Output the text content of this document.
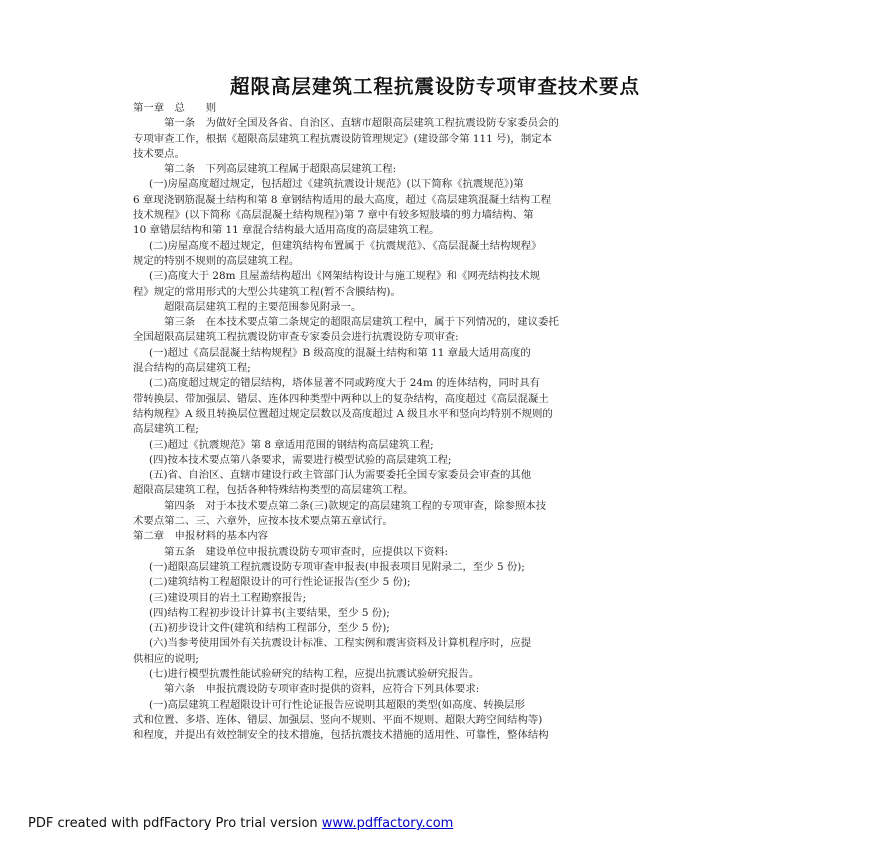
超限高层建筑工程抗震设防专项审查技术要点
第一章　总　　则
第一条　为做好全国及各省、自治区、直辖市超限高层建筑工程抗震设防专家委员会的
专项审查工作，根据《超限高层建筑工程抗震设防管理规定》(建设部令第 111 号)，制定本
技术要点。
第二条　下列高层建筑工程属于超限高层建筑工程:
(一)房屋高度超过规定，包括超过《建筑抗震设计规范》(以下简称《抗震规范》)第
6 章现浇钢筋混凝土结构和第 8 章钢结构适用的最大高度，超过《高层建筑混凝土结构工程
技术规程》(以下简称《高层混凝土结构规程》)第 7 章中有较多短肢墙的剪力墙结构、第
10 章错层结构和第 11 章混合结构最大适用高度的高层建筑工程。
(二)房屋高度不超过规定，但建筑结构布置属于《抗震规范》、《高层混凝土结构规程》
规定的特别不规则的高层建筑工程。
(三)高度大于 28m 且屋盖结构超出《网架结构设计与施工规程》和《网壳结构技术规
程》规定的常用形式的大型公共建筑工程(暂不含膜结构)。
超限高层建筑工程的主要范围参见附录一。
第三条　在本技术要点第二条规定的超限高层建筑工程中，属于下列情况的，建议委托
全国超限高层建筑工程抗震设防审查专家委员会进行抗震设防专项审查:
(一)超过《高层混凝土结构规程》B 级高度的混凝土结构和第 11 章最大适用高度的
混合结构的高层建筑工程;
(二)高度超过规定的错层结构，塔体显著不同或跨度大于 24m 的连体结构，同时具有
带转换层、带加强层、错层、连体四种类型中两种以上的复杂结构，高度超过《高层混凝土
结构规程》A 级且转换层位置超过规定层数以及高度超过 A 级且水平和竖向均特别不规则的
高层建筑工程;
(三)超过《抗震规范》第 8 章适用范围的钢结构高层建筑工程;
(四)按本技术要点第八条要求，需要进行模型试验的高层建筑工程;
(五)省、自治区、直辖市建设行政主管部门认为需要委托全国专家委员会审查的其他
超限高层建筑工程，包括各种特殊结构类型的高层建筑工程。
第四条　对于本技术要点第二条(三)款规定的高层建筑工程的专项审查，除参照本技
术要点第二、三、六章外，应按本技术要点第五章试行。
第二章　申报材料的基本内容
第五条　建设单位申报抗震设防专项审查时，应提供以下资料:
(一)超限高层建筑工程抗震设防专项审查申报表(申报表项目见附录二，至少 5 份);
(二)建筑结构工程超限设计的可行性论证报告(至少 5 份);
(三)建设项目的岩土工程勘察报告;
(四)结构工程初步设计计算书(主要结果，至少 5 份);
(五)初步设计文件(建筑和结构工程部分，至少 5 份);
(六)当参考使用国外有关抗震设计标准、工程实例和震害资料及计算机程序时，应提
供相应的说明;
(七)进行模型抗震性能试验研究的结构工程，应提出抗震试验研究报告。
第六条　申报抗震设防专项审查时提供的资料，应符合下列具体要求:
(一)高层建筑工程超限设计可行性论证报告应说明其超限的类型(如高度、转换层形
式和位置、多塔、连体、错层、加强层、竖向不规则、平面不规则、超限大跨空间结构等)
和程度，并提出有效控制安全的技术措施，包括抗震技术措施的适用性、可靠性，整体结构
PDF created with pdfFactory Pro trial version www.pdffactory.com
